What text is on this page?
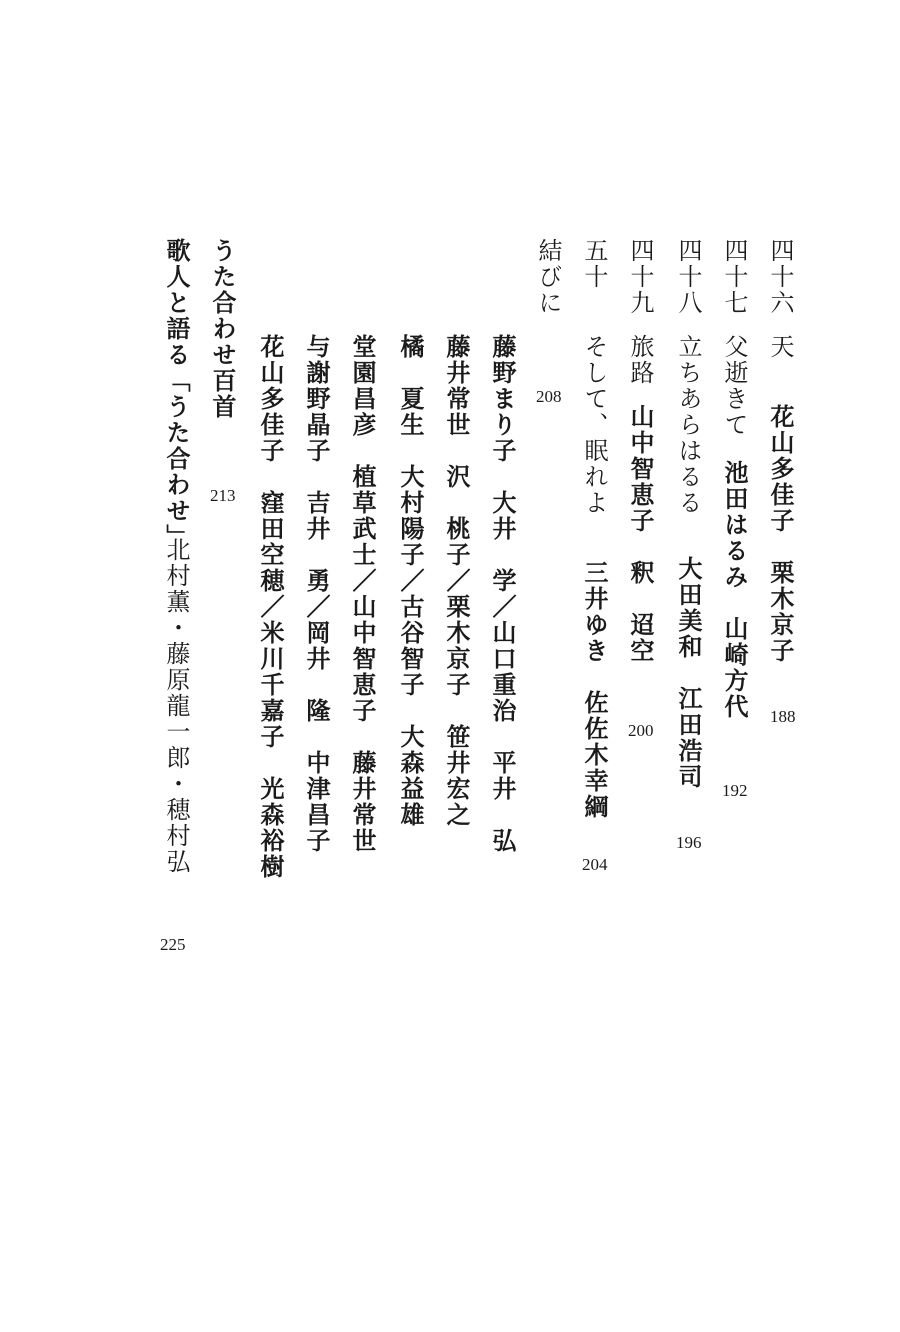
四十六
天
花山多佳子　栗木京子
188
四十七
父逝きて
池田はるみ　山崎方代
192
四十八
立ちあらはるる
大田美和　江田浩司
196
四十九
旅路
山中智恵子　釈　迢空
200
五十
そして、眠れよ
三井ゆき　佐佐木幸綱
204
結びに
208
藤野まり子　大井　学／山口重治　平井　弘
藤井常世　沢　桃子／栗木京子　笹井宏之
橘　夏生　大村陽子／古谷智子　大森益雄
堂園昌彦　植草武士／山中智恵子　藤井常世
与謝野晶子　吉井　勇／岡井　隆　中津昌子
花山多佳子　窪田空穂／米川千嘉子　光森裕樹
うた合わせ百首
213
歌人と語る「うた合わせ」
北村薫・藤原龍一郎・穂村弘
225
